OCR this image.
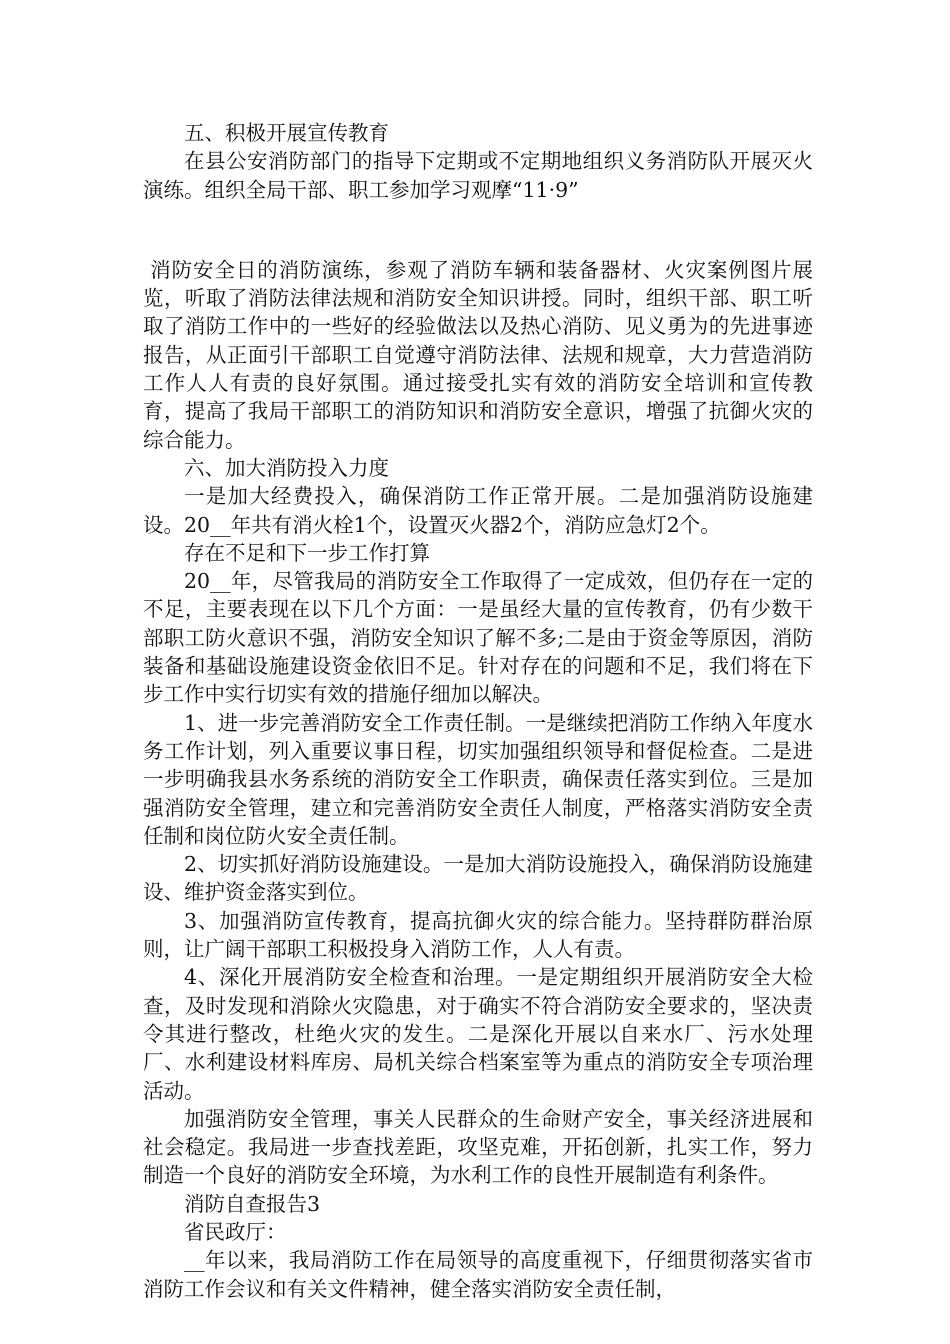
五、积极开展宣传教育

在县公安消防部门的指导下定期或不定期地组织义务消防队开展灭火演练。组织全局干部、职工参加学习观摩“11·9”

消防安全日的消防演练，参观了消防车辆和装备器材、火灾案例图片展览，听取了消防法律法规和消防安全知识讲授。同时，组织干部、职工听取了消防工作中的一些好的经验做法以及热心消防、见义勇为的先进事迹报告，从正面引干部职工自觉遵守消防法律、法规和规章，大力营造消防工作人人有责的良好氛围。通过接受扎实有效的消防安全培训和宣传教育，提高了我局干部职工的消防知识和消防安全意识，增强了抗御火灾的综合能力。

六、加大消防投入力度

一是加大经费投入，确保消防工作正常开展。二是加强消防设施建设。20__年共有消火栓1个，设置灭火器2个，消防应急灯2个。

存在不足和下一步工作打算

20__年，尽管我局的消防安全工作取得了一定成效，但仍存在一定的不足，主要表现在以下几个方面：一是虽经大量的宣传教育，仍有少数干部职工防火意识不强，消防安全知识了解不多;二是由于资金等原因，消防装备和基础设施建设资金依旧不足。针对存在的问题和不足，我们将在下步工作中实行切实有效的措施仔细加以解决。

1、进一步完善消防安全工作责任制。一是继续把消防工作纳入年度水务工作计划，列入重要议事日程，切实加强组织领导和督促检查。二是进一步明确我县水务系统的消防安全工作职责，确保责任落实到位。三是加强消防安全管理，建立和完善消防安全责任人制度，严格落实消防安全责任制和岗位防火安全责任制。

2、切实抓好消防设施建设。一是加大消防设施投入，确保消防设施建设、维护资金落实到位。

3、加强消防宣传教育，提高抗御火灾的综合能力。坚持群防群治原则，让广阔干部职工积极投身入消防工作，人人有责。

4、深化开展消防安全检查和治理。一是定期组织开展消防安全大检查，及时发现和消除火灾隐患，对于确实不符合消防安全要求的，坚决责令其进行整改，杜绝火灾的发生。二是深化开展以自来水厂、污水处理厂、水利建设材料库房、局机关综合档案室等为重点的消防安全专项治理活动。

加强消防安全管理，事关人民群众的生命财产安全，事关经济进展和社会稳定。我局进一步查找差距，攻坚克难，开拓创新，扎实工作，努力制造一个良好的消防安全环境，为水利工作的良性开展制造有利条件。

消防自查报告3

省民政厅：

__年以来，我局消防工作在局领导的高度重视下，仔细贯彻落实省市消防工作会议和有关文件精神，健全落实消防安全责任制，
